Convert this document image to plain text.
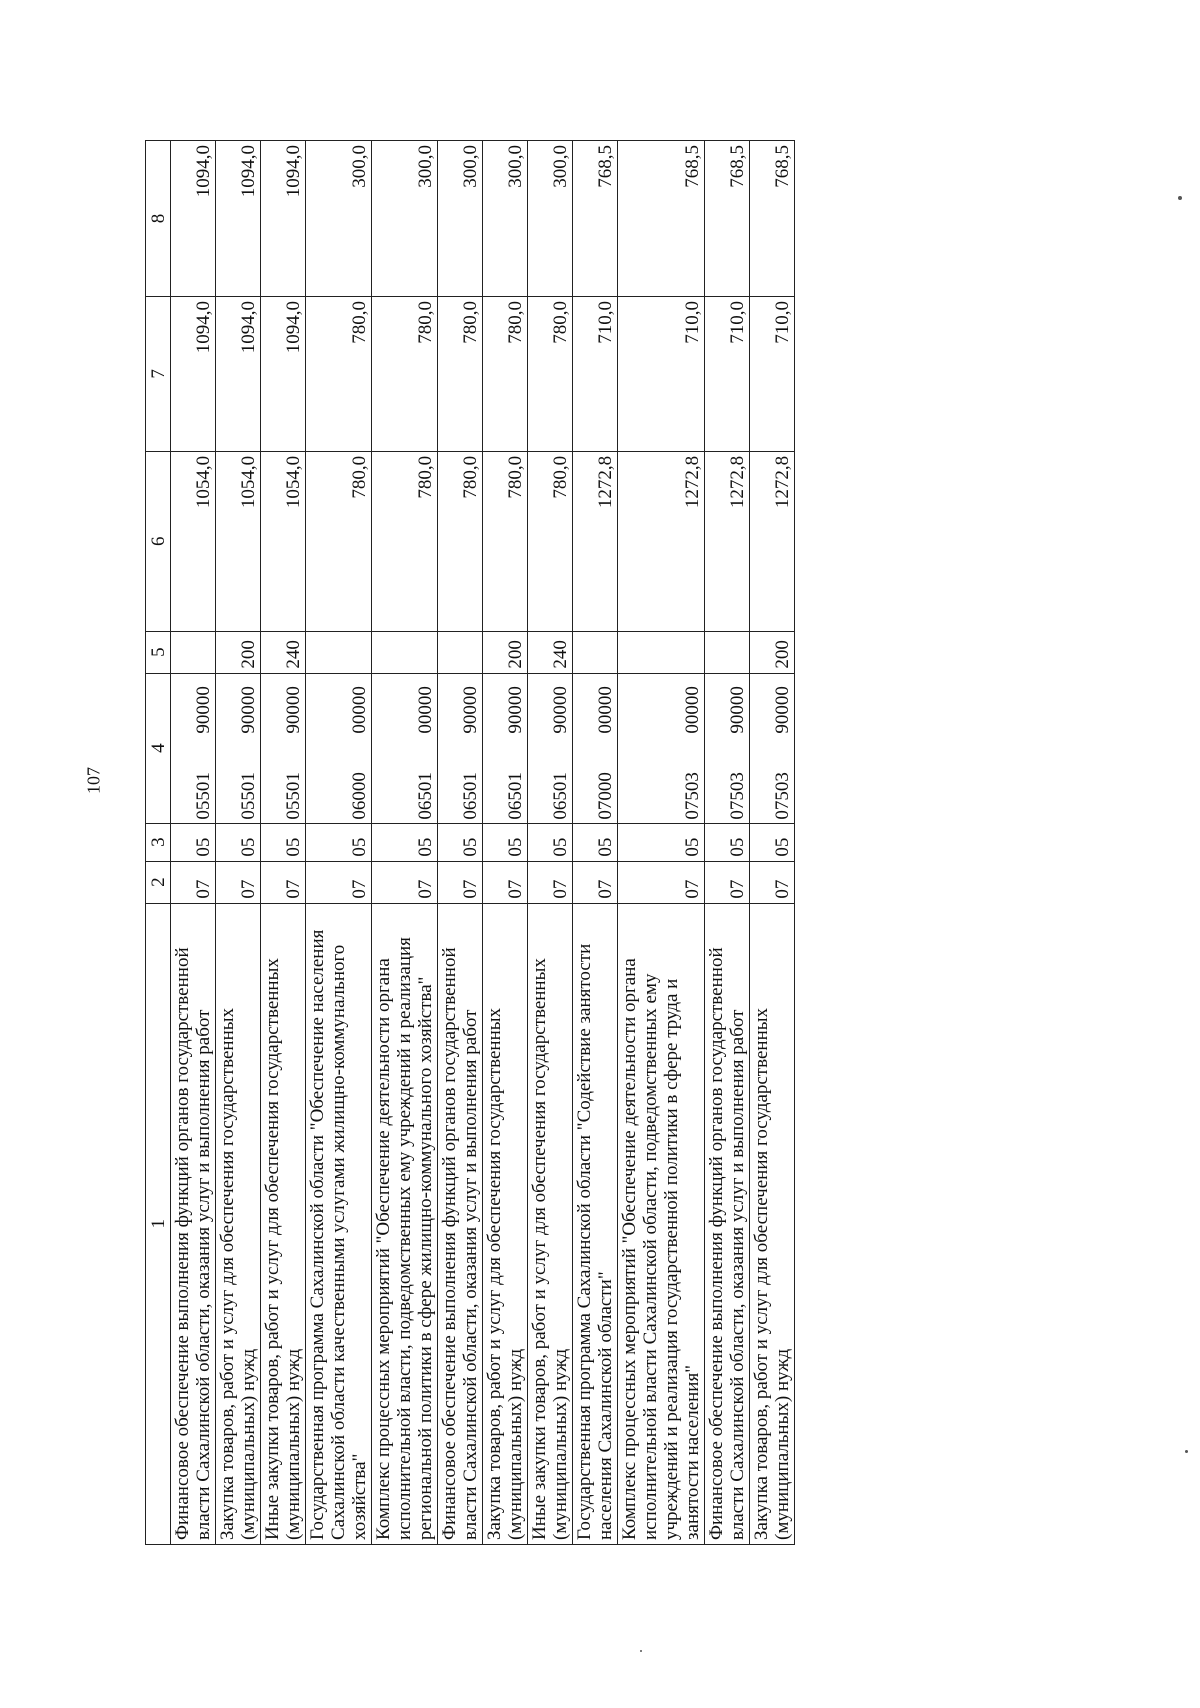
107
1	2	3	4	5	6	7	8
Финансовое обеспечение выполнения функций органов государственной власти Сахалинской области, оказания услуг и выполнения работ	07	05	0550190000		1054,0	1094,0	1094,0
Закупка товаров, работ и услуг для обеспечения государственных (муниципальных) нужд	07	05	0550190000	200	1054,0	1094,0	1094,0
Иные закупки товаров, работ и услуг для обеспечения государственных (муниципальных) нужд	07	05	0550190000	240	1054,0	1094,0	1094,0
Государственная программа Сахалинской области "Обеспечение населения Сахалинской области качественными услугами жилищно-коммунального хозяйства"	07	05	0600000000		780,0	780,0	300,0
Комплекс процессных мероприятий "Обеспечение деятельности органа исполнительной власти, подведомственных ему учреждений и реализация региональной политики в сфере жилищно-коммунального хозяйства"	07	05	0650100000		780,0	780,0	300,0
Финансовое обеспечение выполнения функций органов государственной власти Сахалинской области, оказания услуг и выполнения работ	07	05	0650190000		780,0	780,0	300,0
Закупка товаров, работ и услуг для обеспечения государственных (муниципальных) нужд	07	05	0650190000	200	780,0	780,0	300,0
Иные закупки товаров, работ и услуг для обеспечения государственных (муниципальных) нужд	07	05	0650190000	240	780,0	780,0	300,0
Государственная программа Сахалинской области "Содействие занятости населения Сахалинской области"	07	05	0700000000		1272,8	710,0	768,5
Комплекс процессных мероприятий "Обеспечение деятельности органа исполнительной власти Сахалинской области, подведомственных ему учреждений и реализация государственной политики в сфере труда и занятости населения"	07	05	0750300000		1272,8	710,0	768,5
Финансовое обеспечение выполнения функций органов государственной власти Сахалинской области, оказания услуг и выполнения работ	07	05	0750390000		1272,8	710,0	768,5
Закупка товаров, работ и услуг для обеспечения государственных (муниципальных) нужд	07	05	0750390000	200	1272,8	710,0	768,5
